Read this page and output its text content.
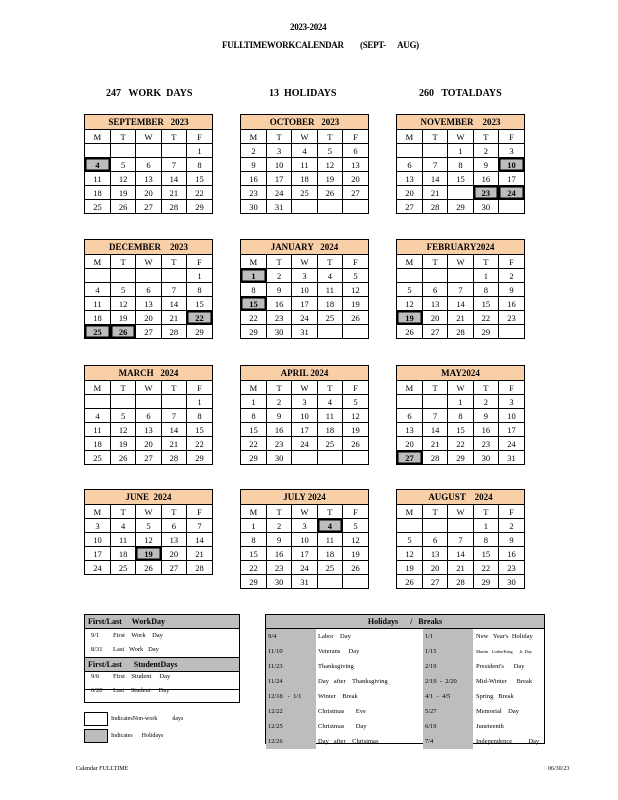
2023-2024
FULLTIMEWORKCALENDAR (SEPT-      AUG)
247   WORK  DAYS	13  HOLIDAYS	260   TOTALDAYS
SEPTEMBER   2023
M	T	W	T	F
				1
4	5	6	7	8
11	12	13	14	15
18	19	20	21	22
25	26	27	28	29
OCTOBER   2023
M	T	W	T	F
2	3	4	5	6
9	10	11	12	13
16	17	18	19	20
23	24	25	26	27
30	31			
NOVEMBER    2023
M	T	W	T	F
		1	2	3
6	7	8	9	10
13	14	15	16	17
20	21		23	24
27	28	29	30	
DECEMBER    2023
M	T	W	T	F
				1
4	5	6	7	8
11	12	13	14	15
18	19	20	21	22
25	26	27	28	29
JANUARY   2024
M	T	W	T	F
1	2	3	4	5
8	9	10	11	12
15	16	17	18	19
22	23	24	25	26
29	30	31		
FEBRUARY2024
M	T	W	T	F
			1	2
5	6	7	8	9
12	13	14	15	16
19	20	21	22	23
26	27	28	29	
MARCH   2024
M	T	W	T	F
				1
4	5	6	7	8
11	12	13	14	15
18	19	20	21	22
25	26	27	28	29
APRIL 2024
M	T	W	T	F
1	2	3	4	5
8	9	10	11	12
15	16	17	18	19
22	23	24	25	26
29	30			
MAY2024
M	T	W	T	F
		1	2	3
6	7	8	9	10
13	14	15	16	17
20	21	22	23	24
27	28	29	30	31
JUNE  2024
M	T	W	T	F
3	4	5	6	7
10	11	12	13	14
17	18	19	20	21
24	25	26	27	28
JULY 2024
M	T	W	T	F
1	2	3	4	5
8	9	10	11	12
15	16	17	18	19
22	23	24	25	26
29	30	31		
AUGUST    2024
M	T	W	T	F
			1	2
5	6	7	8	9
12	13	14	15	16
19	20	21	22	23
26	27	28	29	30
First/Last     WorkDay
9/1 First    Work    Day
8/31 Last   Work   Day
First/Last      StudentDays
9/6 First    Student     Day
6/20 Last    Student     Day
IndicatesNon-work          days
Indicates      Holidays
Holidays      /   Breaks
9/4	Labor    Day	1/1	New   Year's  Holiday
11/10	Veterans     Day	1/15	Martin   LutherKing      Jr. Day
11/23	Thanksgiving	2/19	President's      Day
11/24	Day   after    Thanksgiving	2/19  -  2/20	Mid-Winter      Break
12/18   -  1/1	Winter    Break	4/1  -  4/5	Spring   Break
12/22	Christmas       Eve	5/27	Memorial    Day
12/25	Christmas       Day	6/19	Juneteenth
12/26	Day   after    Christmas	7/4	Independence          Day
Calendar FULLTIME	06/30/23
